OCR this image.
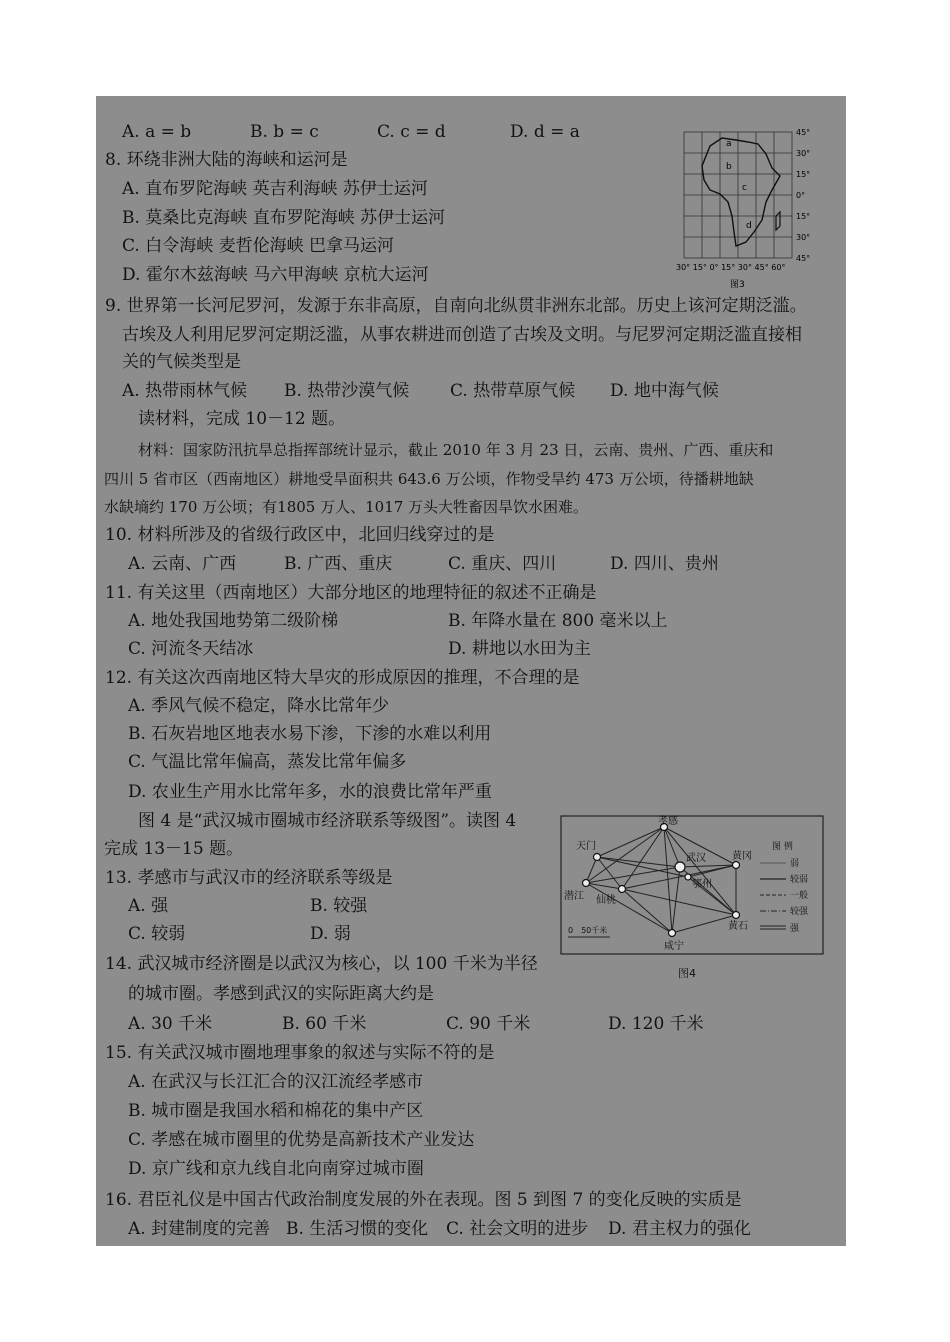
A. a = b	B. b = c	C. c = d	D. d = a
8. 环绕非洲大陆的海峡和运河是
A. 直布罗陀海峡 英吉利海峡 苏伊士运河
B. 莫桑比克海峡 直布罗陀海峡 苏伊士运河
C. 白令海峡 麦哲伦海峡 巴拿马运河
D. 霍尔木兹海峡 马六甲海峡 京杭大运河
a
b
c
d
45°
30°
15°
0°
15°
30°
45°
30° 15° 0° 15° 30° 45° 60°
图3
9. 世界第一长河尼罗河，发源于东非高原，自南向北纵贯非洲东北部。历史上该河定期泛滥。
古埃及人利用尼罗河定期泛滥，从事农耕进而创造了古埃及文明。与尼罗河定期泛滥直接相
关的气候类型是
A. 热带雨林气候 B. 热带沙漠气候 C. 热带草原气候 D. 地中海气候
读材料，完成 10－12 题。
材料：国家防汛抗旱总指挥部统计显示，截止 2010 年 3 月 23 日，云南、贵州、广西、重庆和
四川 5 省市区（西南地区）耕地受旱面积共 643.6 万公顷，作物受旱约 473 万公顷，待播耕地缺
水缺墒约 170 万公顷；有1805 万人、1017 万头大牲畜因旱饮水困难。
10. 材料所涉及的省级行政区中，北回归线穿过的是
A. 云南、广西	B. 广西、重庆	C. 重庆、四川	D. 四川、贵州
11. 有关这里（西南地区）大部分地区的地理特征的叙述不正确是
A. 地处我国地势第二级阶梯	B. 年降水量在 800 毫米以上
C. 河流冬天结冰	D. 耕地以水田为主
12. 有关这次西南地区特大旱灾的形成原因的推理，不合理的是
A. 季风气候不稳定，降水比常年少
B. 石灰岩地区地表水易下渗，下渗的水难以利用
C. 气温比常年偏高，蒸发比常年偏多
D. 农业生产用水比常年多，水的浪费比常年严重
图 4 是“武汉城市圈城市经济联系等级图”。读图 4
完成 13－15 题。
孝感
天门
武汉	黄冈
潜江 仙桃
鄂州
黄石
咸宁
图 例
弱
较弱
一般
较强
强
0　50千米
图4
13. 孝感市与武汉市的经济联系等级是
A. 强	B. 较强
C. 较弱	D. 弱
14. 武汉城市经济圈是以武汉为核心，以 100 千米为半径
的城市圈。孝感到武汉的实际距离大约是
A. 30 千米	B. 60 千米	C. 90 千米	D. 120 千米
15. 有关武汉城市圈地理事象的叙述与实际不符的是
A. 在武汉与长江汇合的汉江流经孝感市
B. 城市圈是我国水稻和棉花的集中产区
C. 孝感在城市圈里的优势是高新技术产业发达
D. 京广线和京九线自北向南穿过城市圈
16. 君臣礼仪是中国古代政治制度发展的外在表现。图 5 到图 7 的变化反映的实质是
A. 封建制度的完善 B. 生活习惯的变化 C. 社会文明的进步 D. 君主权力的强化
